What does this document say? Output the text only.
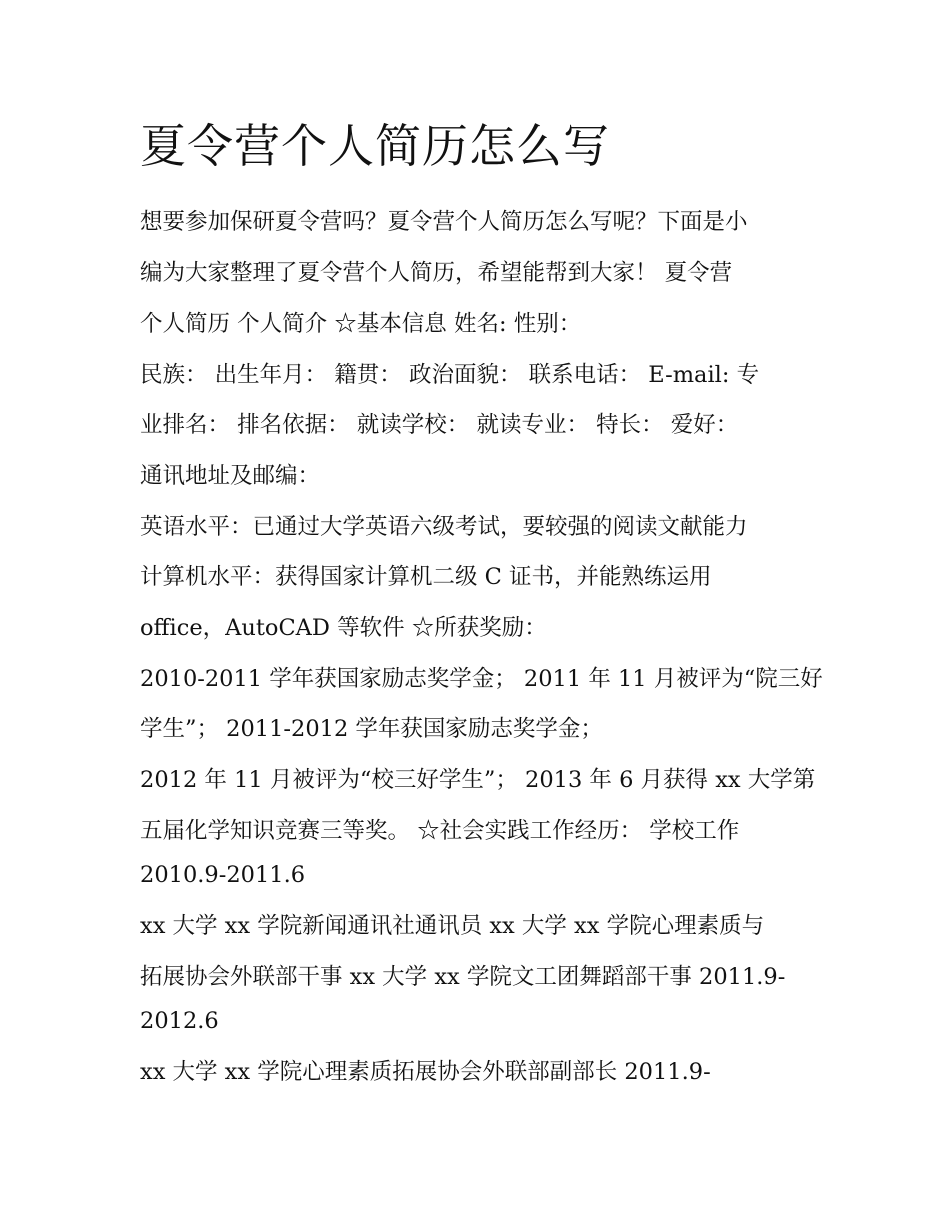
夏令营个人简历怎么写
想要参加保研夏令营吗？夏令营个人简历怎么写呢？下面是小
编为大家整理了夏令营个人简历，希望能帮到大家！ 夏令营
个人简历 个人简介 ☆基本信息 姓名: 性别：
民族： 出生年月： 籍贯： 政治面貌： 联系电话： E-mail: 专
业排名： 排名依据： 就读学校： 就读专业： 特长： 爱好：
通讯地址及邮编：
英语水平：已通过大学英语六级考试，要较强的阅读文献能力
计算机水平：获得国家计算机二级 C 证书，并能熟练运用
office，AutoCAD 等软件 ☆所获奖励：
2010-2011 学年获国家励志奖学金； 2011 年 11 月被评为“院三好
学生”； 2011-2012 学年获国家励志奖学金；
2012 年 11 月被评为“校三好学生”； 2013 年 6 月获得 xx 大学第
五届化学知识竞赛三等奖。 ☆社会实践工作经历： 学校工作
2010.9-2011.6
xx 大学 xx 学院新闻通讯社通讯员 xx 大学 xx 学院心理素质与
拓展协会外联部干事 xx 大学 xx 学院文工团舞蹈部干事 2011.9-
2012.6
xx 大学 xx 学院心理素质拓展协会外联部副部长 2011.9-
